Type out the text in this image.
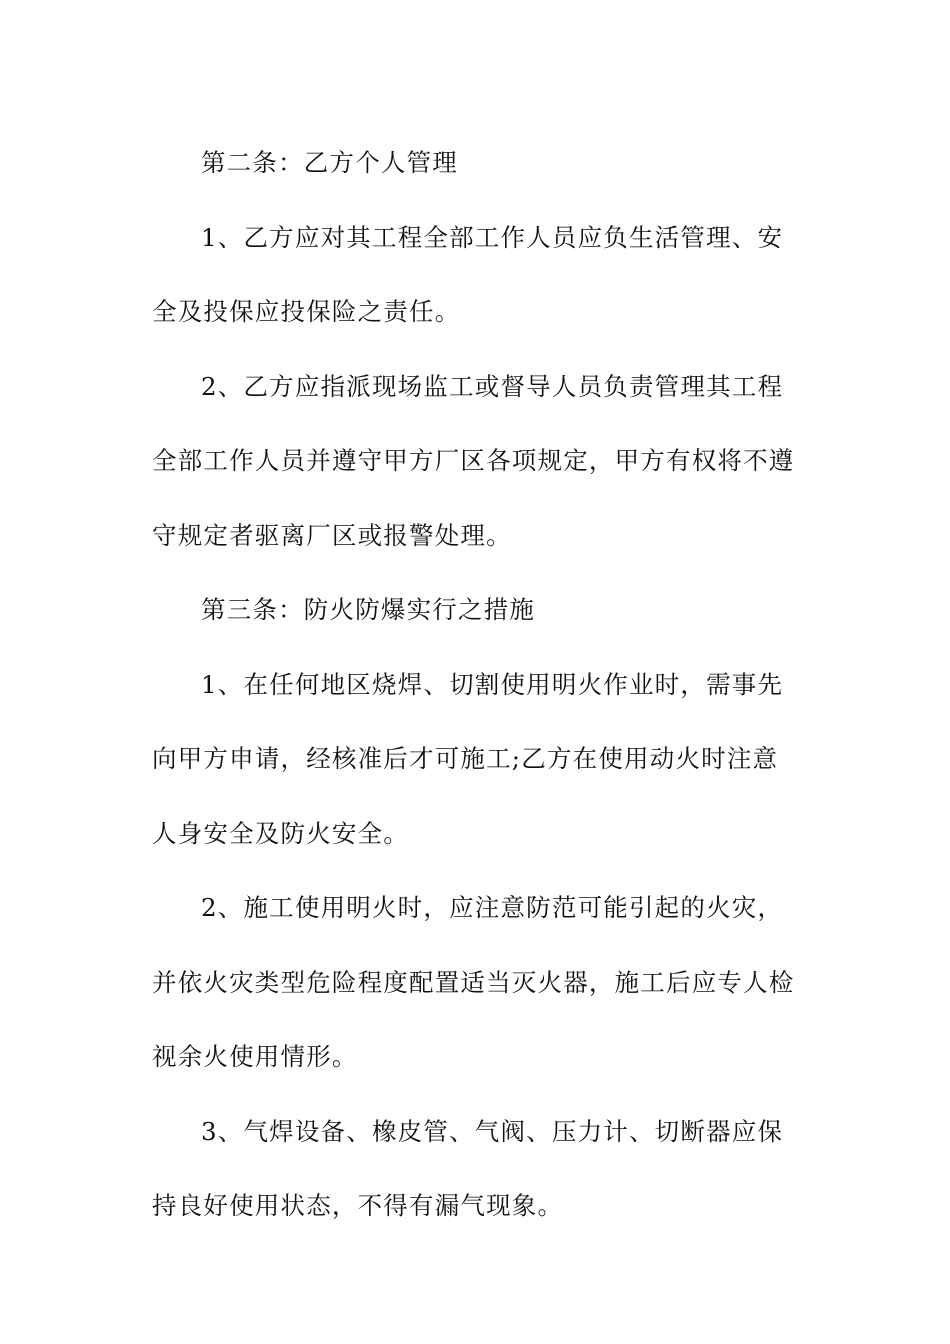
第二条：乙方个人管理

1、乙方应对其工程全部工作人员应负生活管理、安全及投保应投保险之责任。

2、乙方应指派现场监工或督导人员负责管理其工程全部工作人员并遵守甲方厂区各项规定，甲方有权将不遵守规定者驱离厂区或报警处理。

第三条：防火防爆实行之措施

1、在任何地区烧焊、切割使用明火作业时，需事先向甲方申请，经核准后才可施工;乙方在使用动火时注意人身安全及防火安全。

2、施工使用明火时，应注意防范可能引起的火灾，并依火灾类型危险程度配置适当灭火器，施工后应专人检视余火使用情形。

3、气焊设备、橡皮管、气阀、压力计、切断器应保持良好使用状态，不得有漏气现象。
